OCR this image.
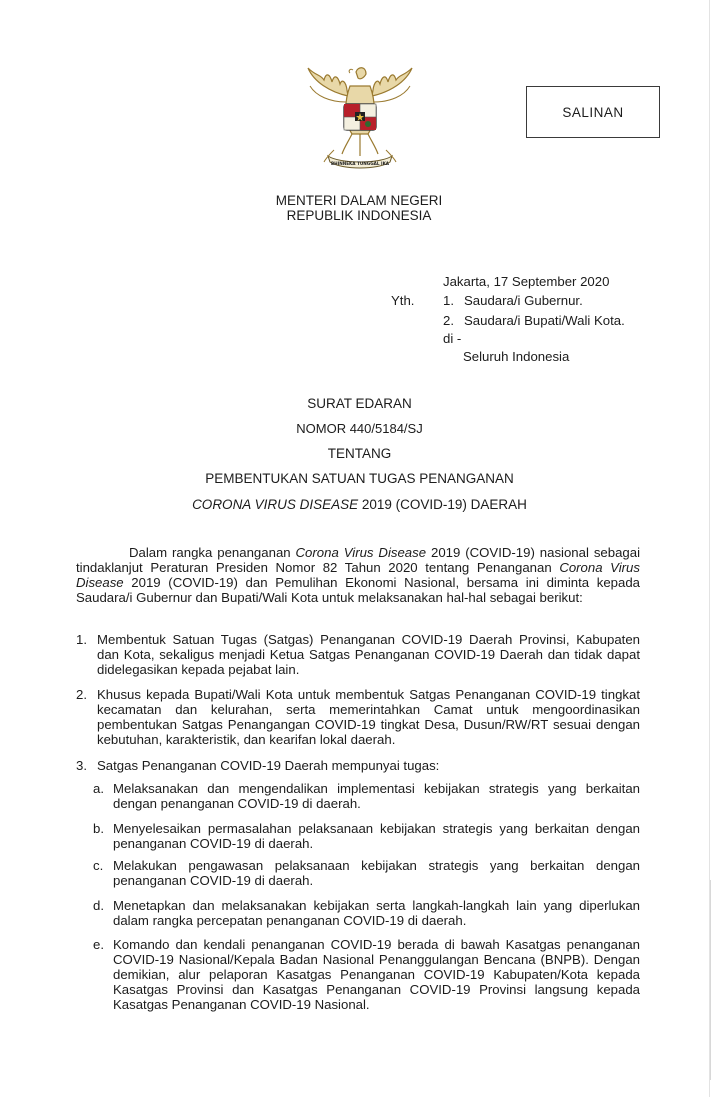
BHINNEKA TUNGGAL IKA
SALINAN
MENTERI DALAM NEGERI
REPUBLIK INDONESIA
Jakarta, 17 September 2020
Yth. 1. Saudara/i Gubernur.
2. Saudara/i Bupati/Wali Kota.
di -
Seluruh Indonesia
SURAT EDARAN
NOMOR 440/5184/SJ
TENTANG
PEMBENTUKAN SATUAN TUGAS PENANGANAN
CORONA VIRUS DISEASE 2019 (COVID-19) DAERAH
Dalam rangka penanganan Corona Virus Disease 2019 (COVID-19) nasional sebagai tindaklanjut Peraturan Presiden Nomor 82 Tahun 2020 tentang Penanganan Corona Virus Disease 2019 (COVID-19) dan Pemulihan Ekonomi Nasional, bersama ini diminta kepada Saudara/i Gubernur dan Bupati/Wali Kota untuk melaksanakan hal-hal sebagai berikut:
1. Membentuk Satuan Tugas (Satgas) Penanganan COVID-19 Daerah Provinsi, Kabupaten dan Kota, sekaligus menjadi Ketua Satgas Penanganan COVID-19 Daerah dan tidak dapat didelegasikan kepada pejabat lain.
2. Khusus kepada Bupati/Wali Kota untuk membentuk Satgas Penanganan COVID-19 tingkat kecamatan dan kelurahan, serta memerintahkan Camat untuk mengoordinasikan pembentukan Satgas Penangangan COVID-19 tingkat Desa, Dusun/RW/RT sesuai dengan kebutuhan, karakteristik, dan kearifan lokal daerah.
3. Satgas Penanganan COVID-19 Daerah mempunyai tugas:
a. Melaksanakan dan mengendalikan implementasi kebijakan strategis yang berkaitan dengan penanganan COVID-19 di daerah.
b. Menyelesaikan permasalahan pelaksanaan kebijakan strategis yang berkaitan dengan penanganan COVID-19 di daerah.
c. Melakukan pengawasan pelaksanaan kebijakan strategis yang berkaitan dengan penanganan COVID-19 di daerah.
d. Menetapkan dan melaksanakan kebijakan serta langkah-langkah lain yang diperlukan dalam rangka percepatan penanganan COVID-19 di daerah.
e. Komando dan kendali penanganan COVID-19 berada di bawah Kasatgas penanganan COVID-19 Nasional/Kepala Badan Nasional Penanggulangan Bencana (BNPB). Dengan demikian, alur pelaporan Kasatgas Penanganan COVID-19 Kabupaten/Kota kepada Kasatgas Provinsi dan Kasatgas Penanganan COVID-19 Provinsi langsung kepada Kasatgas Penanganan COVID-19 Nasional.
